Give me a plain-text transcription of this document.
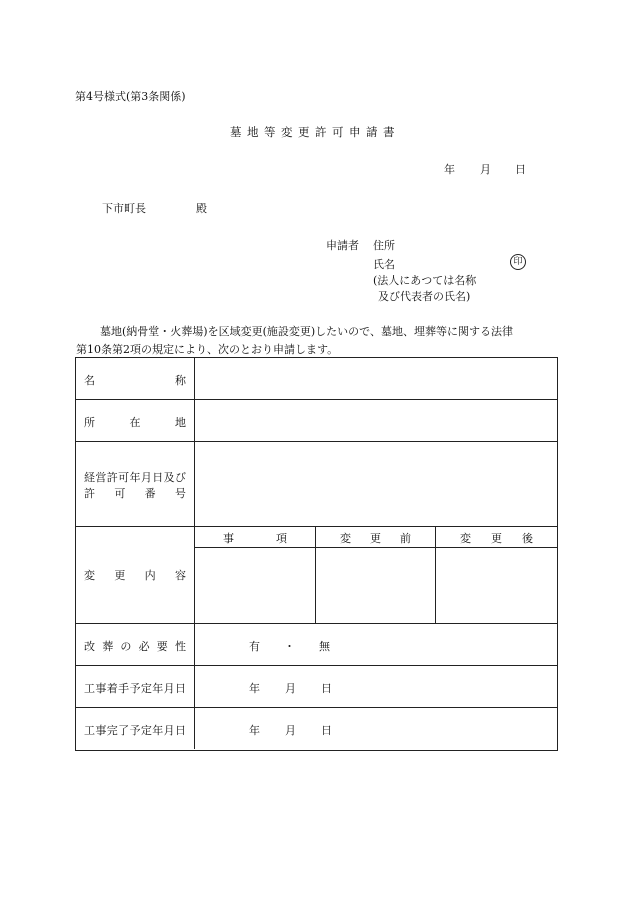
第4号様式(第3条関係)
墓地等変更許可申請書
年 月 日
下市町長	殿
申請者 住所
氏名	印
(法人にあつては名称
及び代表者の氏名)
墓地(納骨堂・火葬場)を区域変更(施設変更)したいので、墓地、埋葬等に関する法律
第10条第2項の規定により、次のとおり申請します。
名	称
所	在	地
経 営 許 可 年 月 日 及 び
許 可 番 号
変 更 内 容
事	項	変 更 前	変 更 後
改 葬 の 必 要 性	有 ・ 無
工 事 着 手 予 定 年 月 日	年 月 日
工 事 完 了 予 定 年 月 日	年 月 日
